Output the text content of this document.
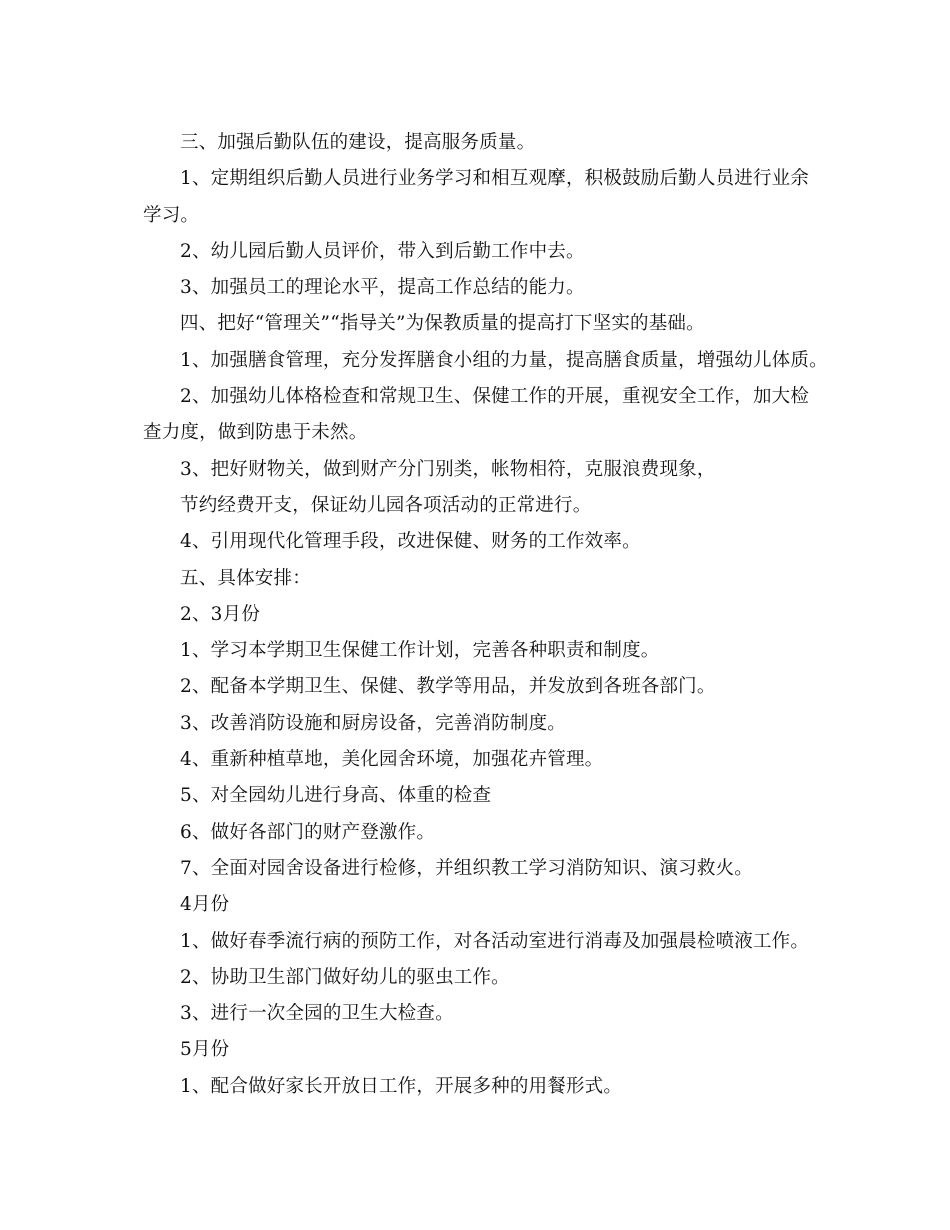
三、加强后勤队伍的建设，提高服务质量。
1、定期组织后勤人员进行业务学习和相互观摩，积极鼓励后勤人员进行业余
学习。
2、幼儿园后勤人员评价，带入到后勤工作中去。
3、加强员工的理论水平，提高工作总结的能力。
四、把好“管理关”“指导关”为保教质量的提高打下坚实的基础。
1、加强膳食管理，充分发挥膳食小组的力量，提高膳食质量，增强幼儿体质。
2、加强幼儿体格检查和常规卫生、保健工作的开展，重视安全工作，加大检
查力度，做到防患于未然。
3、把好财物关，做到财产分门别类，帐物相符，克服浪费现象，
节约经费开支，保证幼儿园各项活动的正常进行。
4、引用现代化管理手段，改进保健、财务的工作效率。
五、具体安排：
2、3月份
1、学习本学期卫生保健工作计划，完善各种职责和制度。
2、配备本学期卫生、保健、教学等用品，并发放到各班各部门。
3、改善消防设施和厨房设备，完善消防制度。
4、重新种植草地，美化园舍环境，加强花卉管理。
5、对全园幼儿进行身高、体重的检查
6、做好各部门的财产登激作。
7、全面对园舍设备进行检修，并组织教工学习消防知识、演习救火。
4月份
1、做好春季流行病的预防工作，对各活动室进行消毒及加强晨检喷液工作。
2、协助卫生部门做好幼儿的驱虫工作。
3、进行一次全园的卫生大检查。
5月份
1、配合做好家长开放日工作，开展多种的用餐形式。
